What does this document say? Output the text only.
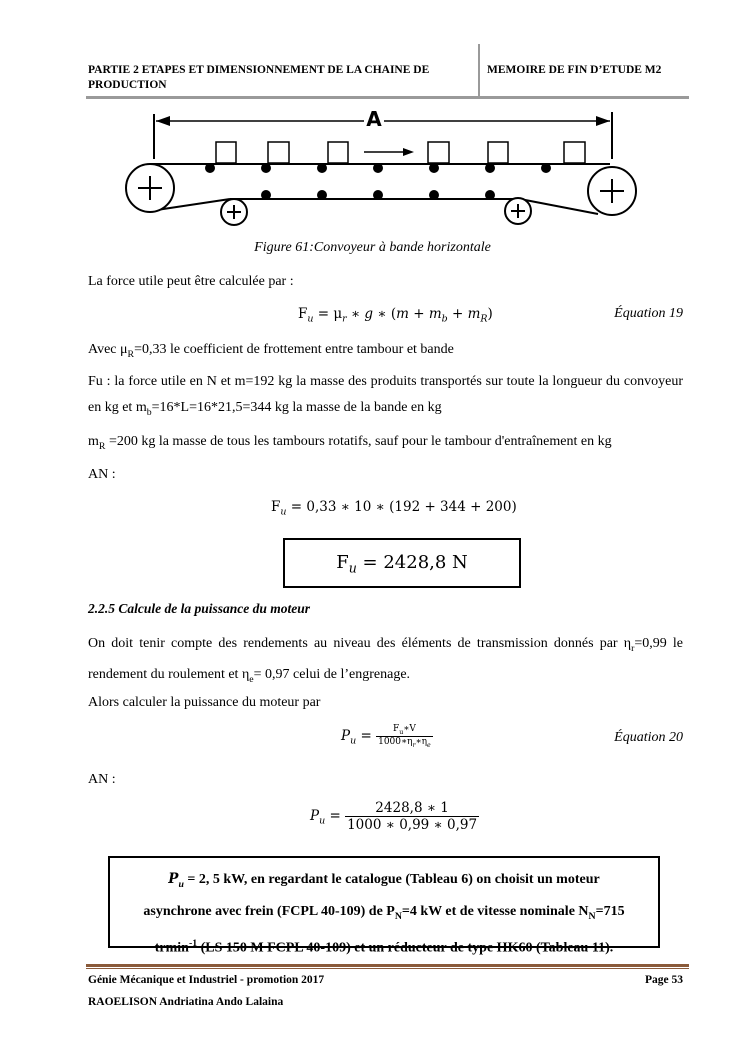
PARTIE 2 ETAPES ET DIMENSIONNEMENT DE LA CHAINE DE PRODUCTION
MEMOIRE DE FIN D’ETUDE M2
A
Figure 61:Convoyeur à bande horizontale
La force utile peut être calculée par :
$F_u = \mu_r$ ∗ g ∗ $(m + m_b + m_R)$	Équation 19
Avec $\mu_R=0,33$ le coefficient de frottement entre tambour et bande
Fu : la force utile en N et m=192 kg la masse des produits transportés sur toute la longueur du convoyeur en kg et $m_b=16*L=16*21,5=344$ kg la masse de la bande en kg
$m_R =200$ kg la masse de tous les tambours rotatifs, sauf pour le tambour d'entraînement en kg
AN :
$F_u = 0,33$ ∗ 10 ∗ (192 + 344 + 200)
$F_u = 2428,8$ N
2.2.5 Calcule de la puissance du moteur
On doit tenir compte des rendements au niveau des éléments de transmission donnés par $\eta_r=0,99$ le rendement du roulement et $\eta_e= 0,97$ celui de l’engrenage.
Alors calculer la puissance du moteur par
$P_u = \frac{F_u∗V}{1000∗\eta_r∗\eta_e}$	Équation 20
AN :
$P_u = \frac{2428,8 ∗ 1}{1000 ∗ 0,99 ∗ 0,97}$
$P_u = 2$, 5 kW, en regardant le catalogue (Tableau 6) on choisit un moteur
asynchrone avec frein (FCPL 40-109) de $P_N=4$ kW et de vitesse nominale $N_N=715$
trmin$^{-1}$ (LS 150 M FCPL 40-109) et un réducteur de type HK60 (Tableau 11).
Génie Mécanique et Industriel - promotion 2017	Page 53
RAOELISON Andriatina Ando Lalaina
